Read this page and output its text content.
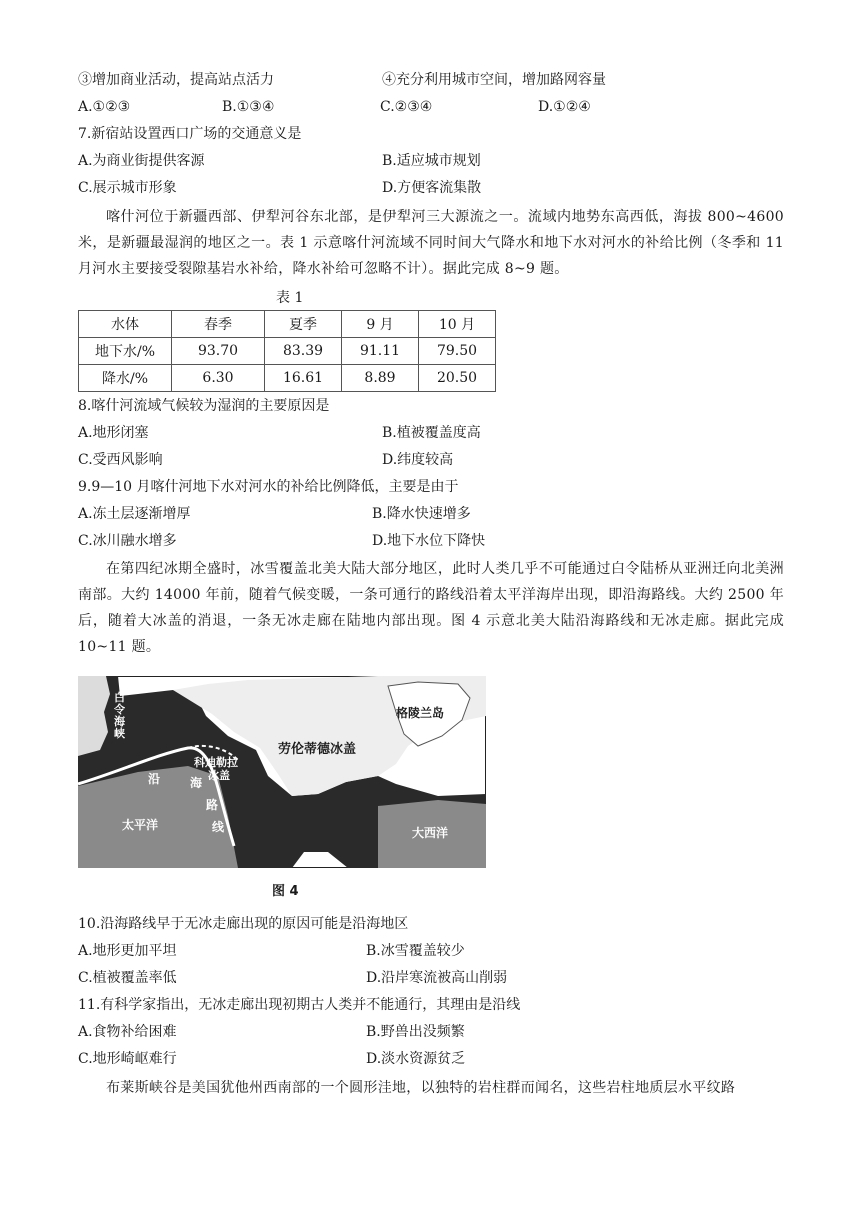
③增加商业活动，提高站点活力	④充分利用城市空间，增加路网容量
A.①②③	B.①③④	C.②③④	D.①②④
7.新宿站设置西口广场的交通意义是
A.为商业街提供客源	B.适应城市规划
C.展示城市形象	D.方便客流集散
喀什河位于新疆西部、伊犁河谷东北部，是伊犁河三大源流之一。流域内地势东高西低，海拔 800~4600 米，是新疆最湿润的地区之一。表 1 示意喀什河流域不同时间大气降水和地下水对河水的补给比例（冬季和 11 月河水主要接受裂隙基岩水补给，降水补给可忽略不计）。据此完成 8~9 题。
表 1
水体	春季	夏季	9 月	10 月
地下水/%	93.70	83.39	91.11	79.50
降水/%	6.30	16.61	8.89	20.50
8.喀什河流域气候较为湿润的主要原因是
A.地形闭塞	B.植被覆盖度高
C.受西风影响	D.纬度较高
9.9—10 月喀什河地下水对河水的补给比例降低，主要是由于
A.冻土层逐渐增厚	B.降水快速增多
C.冰川融水增多	D.地下水位下降快
在第四纪冰期全盛时，冰雪覆盖北美大陆大部分地区，此时人类几乎不可能通过白令陆桥从亚洲迁向北美洲南部。大约 14000 年前，随着气候变暖，一条可通行的路线沿着太平洋海岸出现，即沿海路线。大约 2500 年后，随着大冰盖的消退，一条无冰走廊在陆地内部出现。图 4 示意北美大陆沿海路线和无冰走廊。据此完成 10~11 题。
白
令
海
峡
格陵兰岛
劳伦蒂德冰盖
科迪勒拉
冰盖
沿 海
路
线
太平洋
大西洋
图 4
10.沿海路线早于无冰走廊出现的原因可能是沿海地区
A.地形更加平坦	B.冰雪覆盖较少
C.植被覆盖率低	D.沿岸寒流被高山削弱
11.有科学家指出，无冰走廊出现初期古人类并不能通行，其理由是沿线
A.食物补给困难	B.野兽出没频繁
C.地形崎岖难行	D.淡水资源贫乏
布莱斯峡谷是美国犹他州西南部的一个圆形洼地，以独特的岩柱群而闻名，这些岩柱地质层水平纹路
